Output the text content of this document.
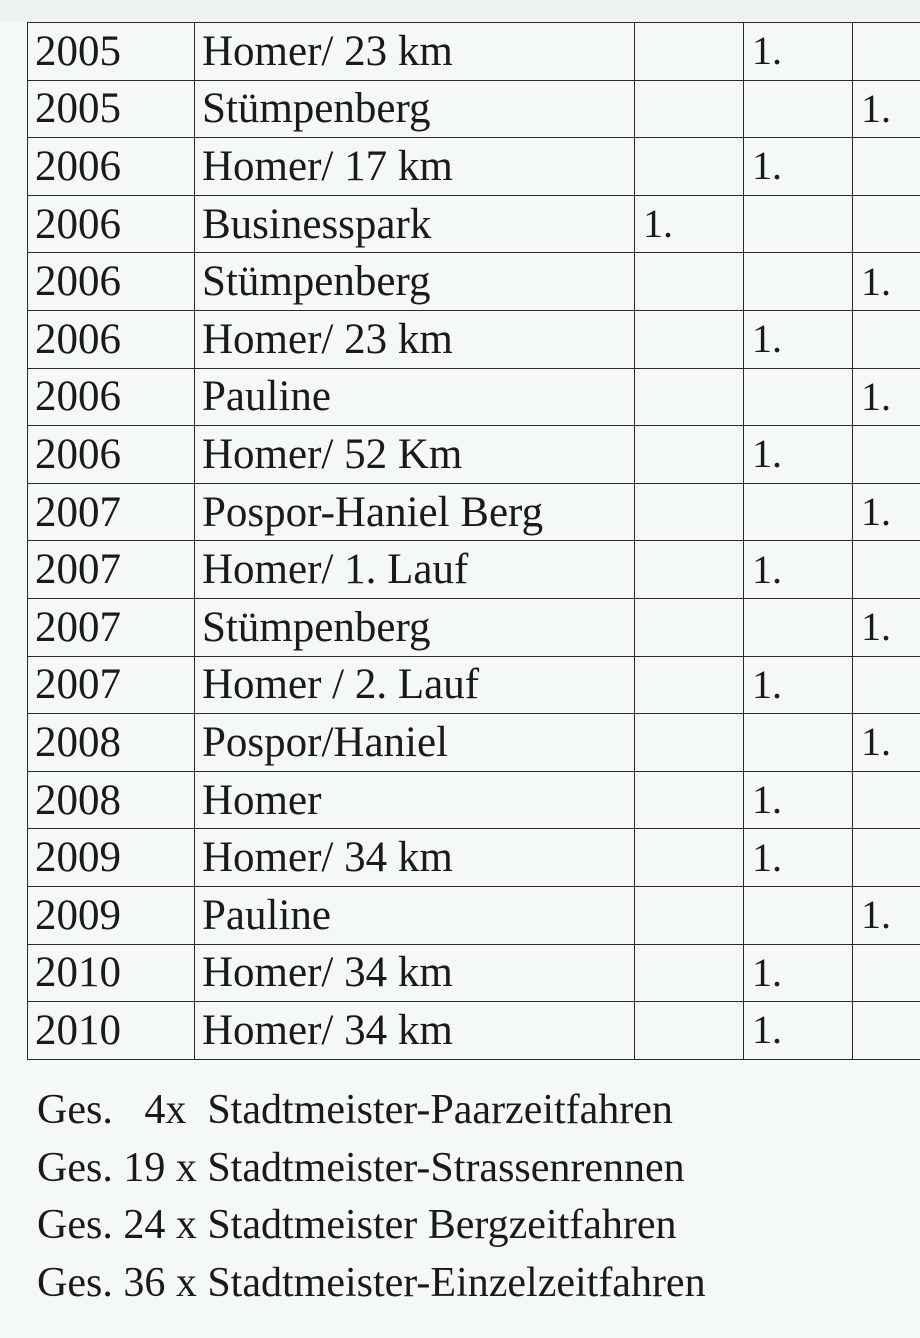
2005	Homer/ 23 km		1.		
2005	Stümpenberg			1.	
2006	Homer/ 17 km		1.		
2006	Businesspark	1.			
2006	Stümpenberg			1.	
2006	Homer/ 23 km		1.		
2006	Pauline			1.	
2006	Homer/ 52 Km		1.		
2007	Pospor-Haniel Berg			1.	
2007	Homer/ 1. Lauf		1.		
2007	Stümpenberg			1.	
2007	Homer / 2. Lauf		1.		
2008	Pospor/Haniel			1.	
2008	Homer		1.		
2009	Homer/ 34 km		1.		
2009	Pauline			1.	
2010	Homer/ 34 km		1.		
2010	Homer/ 34 km		1.		
Ges.   4x  Stadtmeister-Paarzeitfahren
Ges. 19 x Stadtmeister-Strassenrennen
Ges. 24 x Stadtmeister Bergzeitfahren
Ges. 36 x Stadtmeister-Einzelzeitfahren
